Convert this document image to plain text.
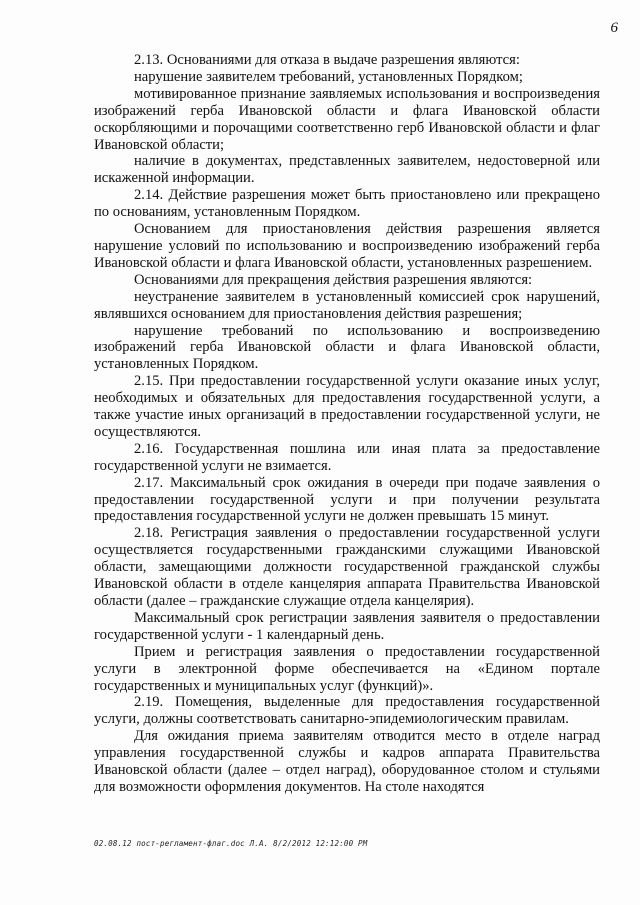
6

2.13. Основаниями для отказа в выдаче разрешения являются:

нарушение заявителем требований, установленных Порядком;

мотивированное признание заявляемых использования и воспроизведения изображений герба Ивановской области и флага Ивановской области оскорбляющими и порочащими соответственно герб Ивановской области и флаг Ивановской области;

наличие в документах, представленных заявителем, недостоверной или искаженной информации.

2.14. Действие разрешения может быть приостановлено или прекращено по основаниям, установленным Порядком.

Основанием для приостановления действия разрешения является нарушение условий по использованию и воспроизведению изображений герба Ивановской области и флага Ивановской области, установленных разрешением.

Основаниями для прекращения действия разрешения являются:

неустранение заявителем в установленный комиссией срок нарушений, являвшихся основанием для приостановления действия разрешения;

нарушение требований по использованию и воспроизведению изображений герба Ивановской области и флага Ивановской области, установленных Порядком.

2.15. При предоставлении государственной услуги оказание иных услуг, необходимых и обязательных для предоставления государственной услуги, а также участие иных организаций в предоставлении государственной услуги, не осуществляются.

2.16. Государственная пошлина или иная плата за предоставление государственной услуги не взимается.

2.17. Максимальный срок ожидания в очереди при подаче заявления о предоставлении государственной услуги и при получении результата предоставления государственной услуги не должен превышать 15 минут.

2.18. Регистрация заявления о предоставлении государственной услуги осуществляется государственными гражданскими служащими Ивановской области, замещающими должности государственной гражданской службы Ивановской области в отделе канцелярия аппарата Правительства Ивановской области (далее – гражданские служащие отдела канцелярия).

Максимальный срок регистрации заявления заявителя о предоставлении государственной услуги - 1 календарный день.

Прием и регистрация заявления о предоставлении государственной услуги в электронной форме обеспечивается на «Едином портале государственных и муниципальных услуг (функций)».

2.19. Помещения, выделенные для предоставления государственной услуги, должны соответствовать санитарно-эпидемиологическим правилам.

Для ожидания приема заявителям отводится место в отделе наград управления государственной службы и кадров аппарата Правительства Ивановской области (далее – отдел наград), оборудованное столом и стульями для возможности оформления документов. На столе находятся

02.08.12 пост-регламент-флаг.doc Л.А. 8/2/2012 12:12:00 PM
